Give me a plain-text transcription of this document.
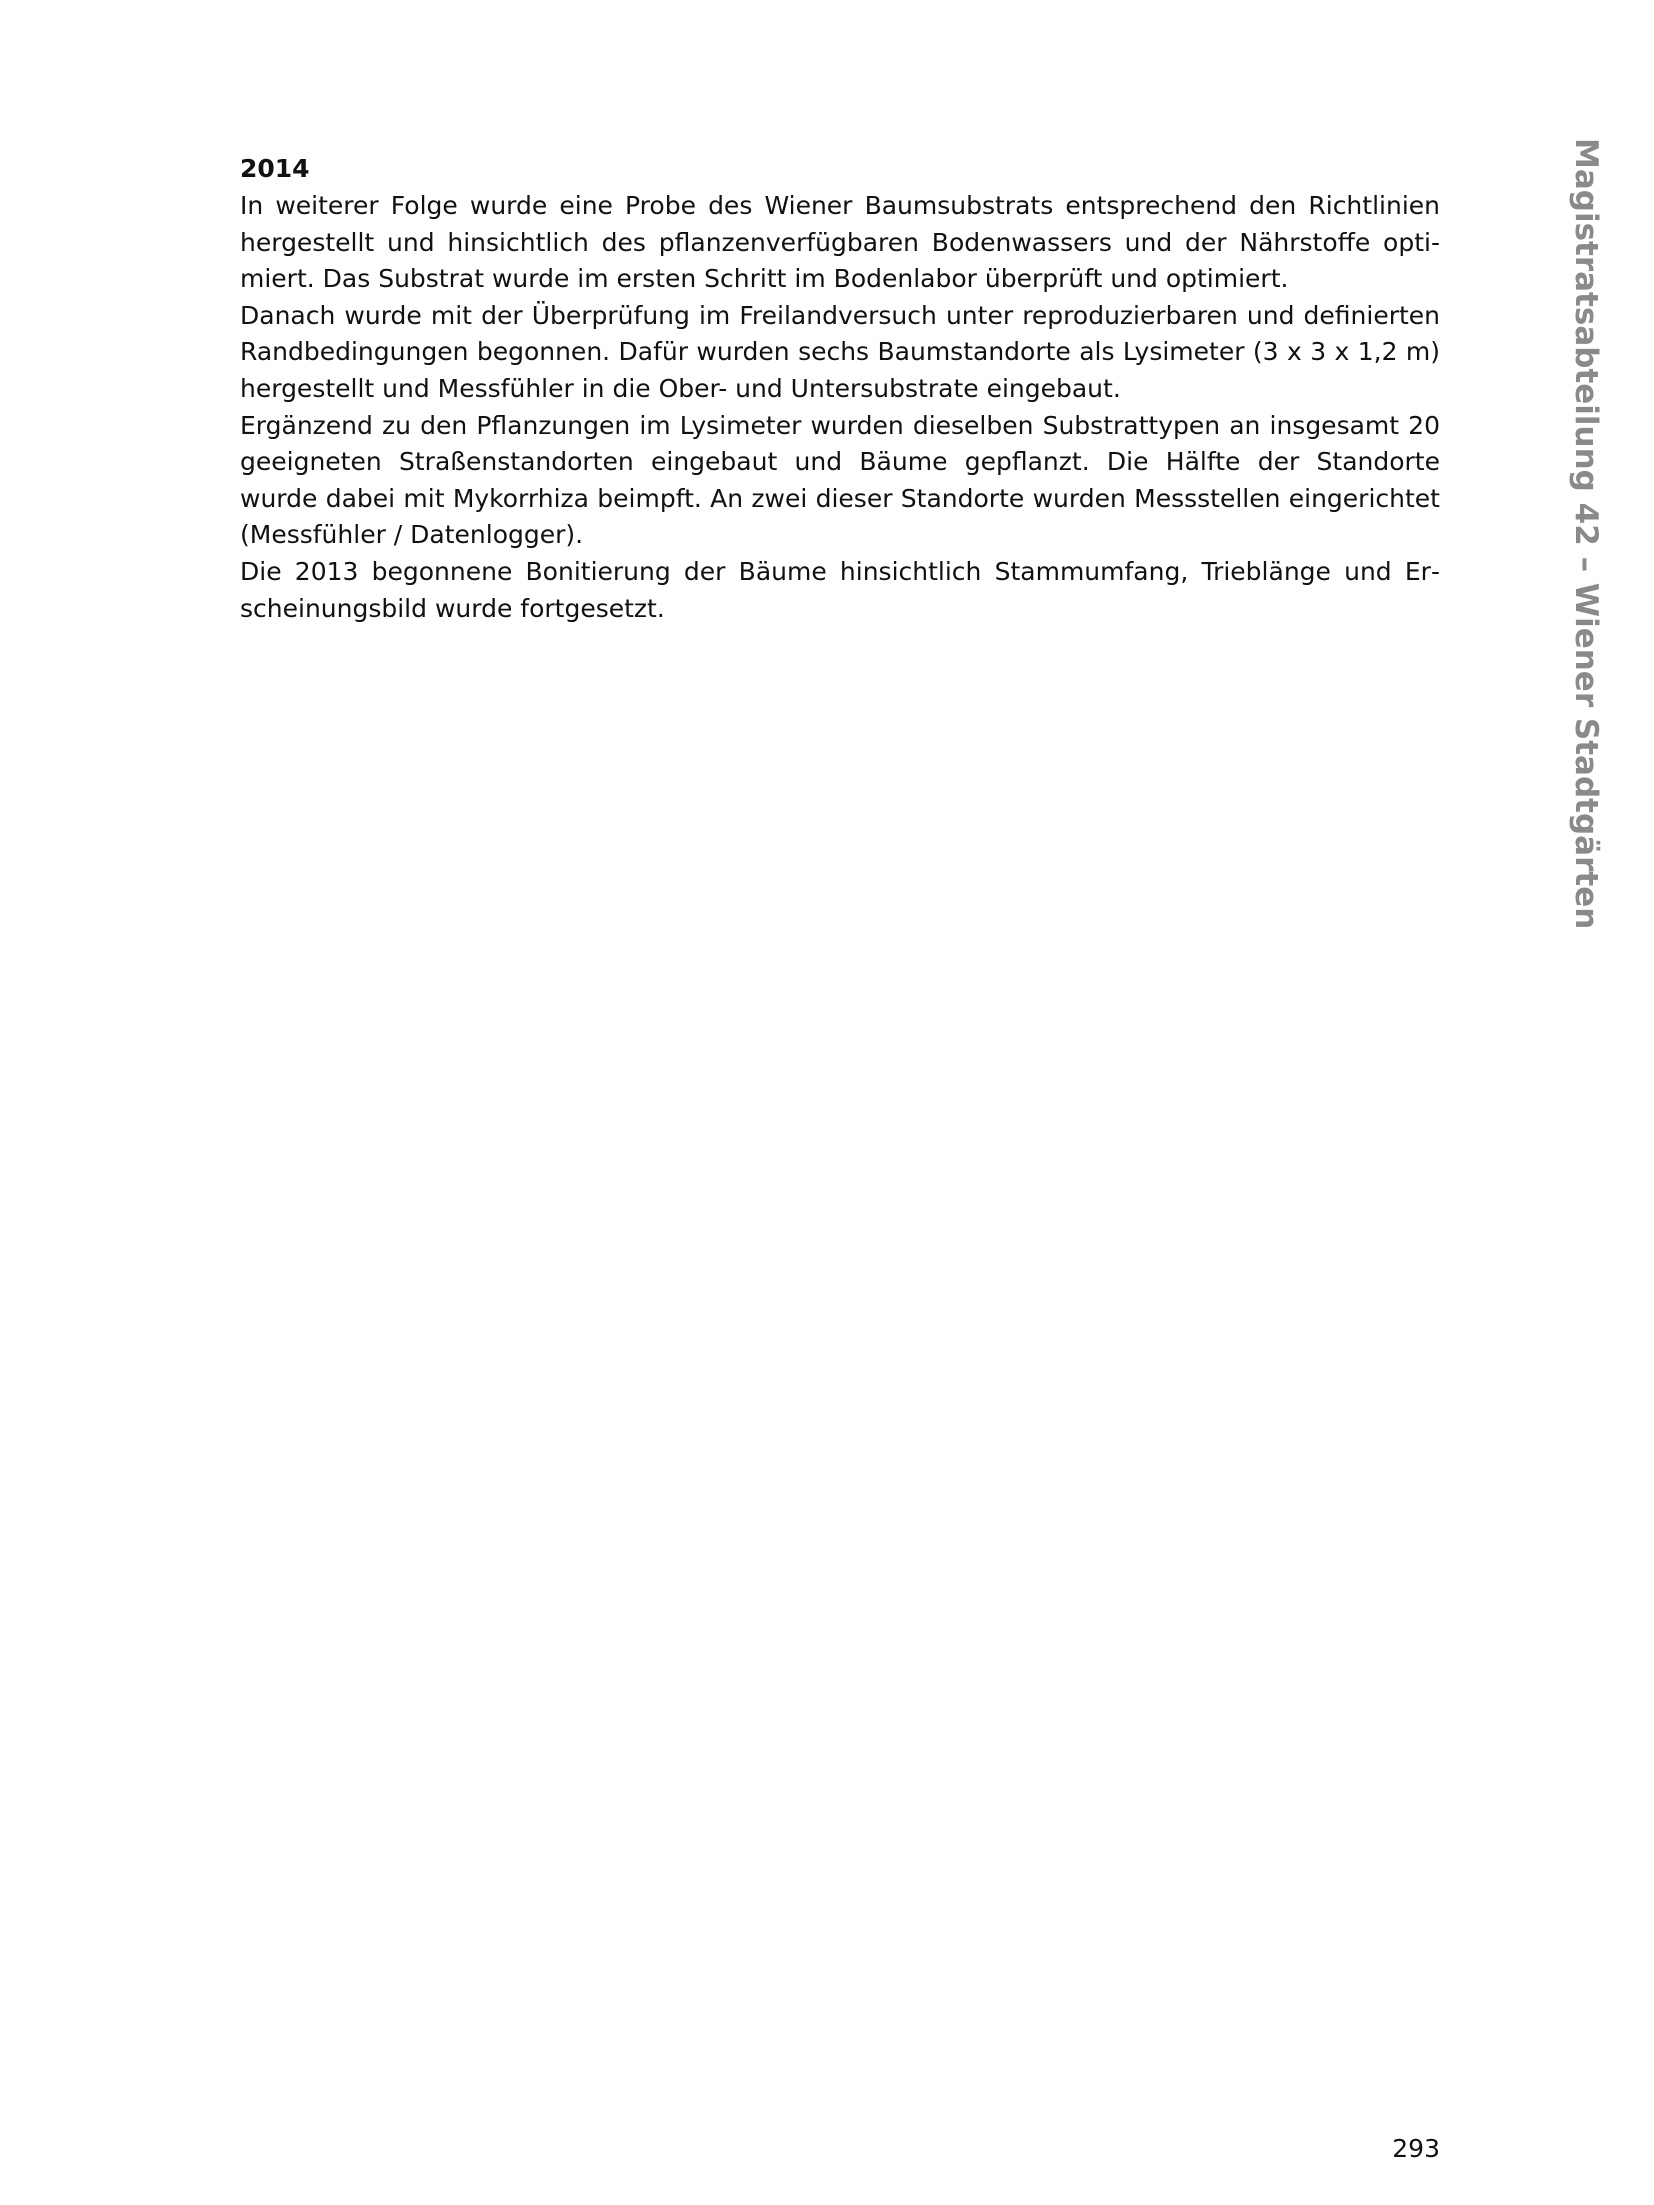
2014

In weiterer Folge wurde eine Probe des Wiener Baumsubstrats entsprechend den Richtlinien hergestellt und hinsichtlich des pflanzenverfügbaren Bodenwassers und der Nährstoffe optimiert. Das Substrat wurde im ersten Schritt im Bodenlabor überprüft und optimiert.

Danach wurde mit der Überprüfung im Freilandversuch unter reproduzierbaren und definierten Randbedingungen begonnen. Dafür wurden sechs Baumstandorte als Lysimeter (3 x 3 x 1,2 m) hergestellt und Messfühler in die Ober- und Untersubstrate eingebaut.

Ergänzend zu den Pflanzungen im Lysimeter wurden dieselben Substrattypen an insgesamt 20 geeigneten Straßenstandorten eingebaut und Bäume gepflanzt. Die Hälfte der Standorte wurde dabei mit Mykorrhiza beimpft. An zwei dieser Standorte wurden Messstellen eingerichtet (Messfühler / Datenlogger).

Die 2013 begonnene Bonitierung der Bäume hinsichtlich Stammumfang, Trieblänge und Erscheinungsbild wurde fortgesetzt.	Magistratsabteilung 42 – Wiener Stadtgärten
293
